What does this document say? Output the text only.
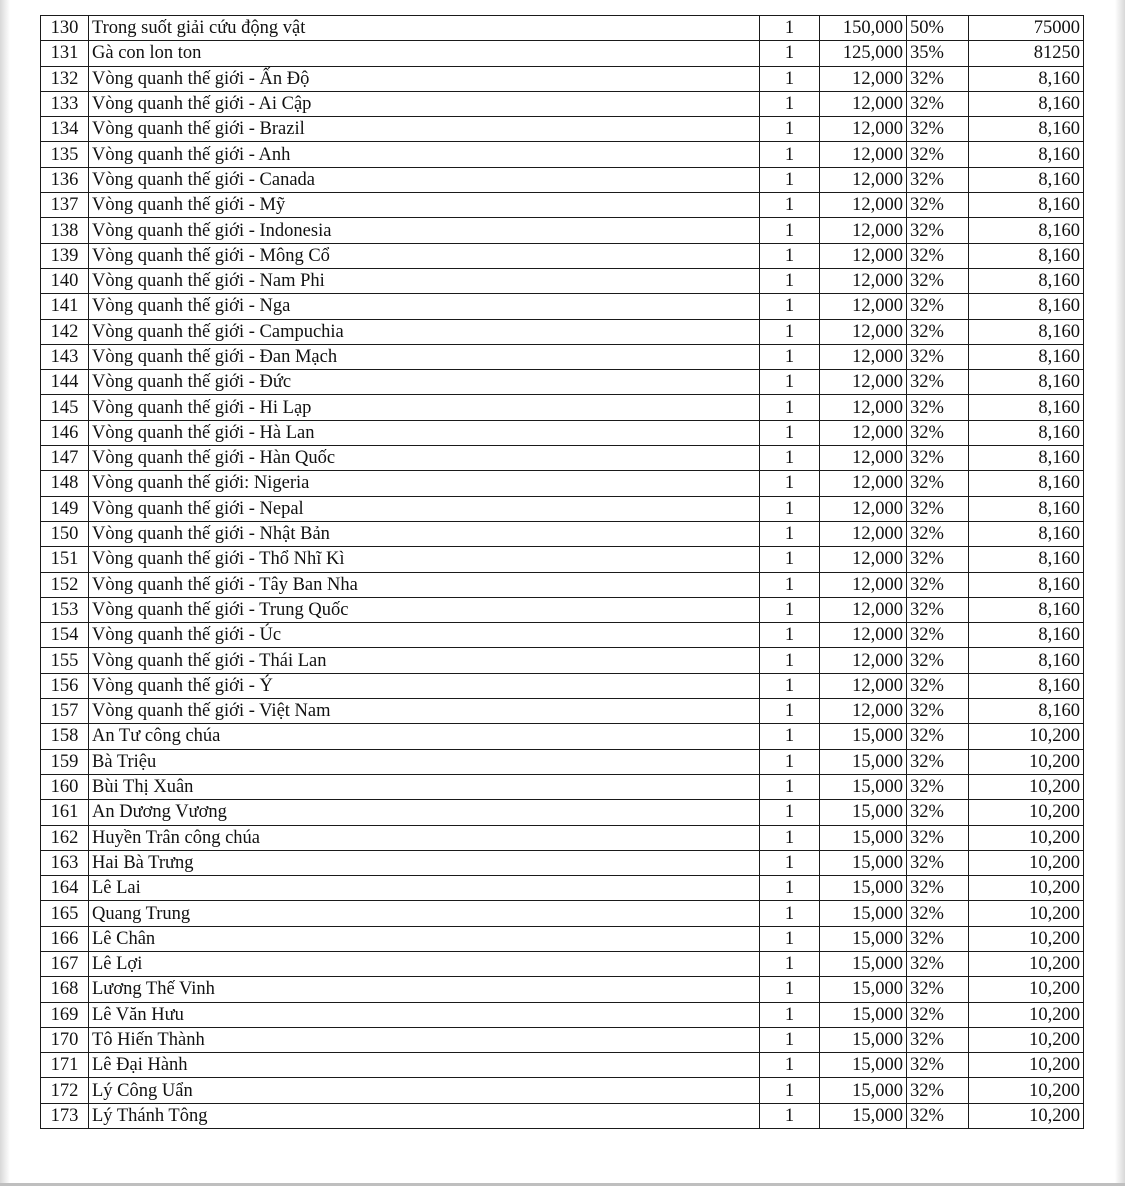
130	Trong suốt giải cứu động vật	1	150,000	50%	75000
131	Gà con lon ton	1	125,000	35%	81250
132	Vòng quanh thế giới - Ấn Độ	1	12,000	32%	8,160
133	Vòng quanh thế giới - Ai Cập	1	12,000	32%	8,160
134	Vòng quanh thế giới - Brazil	1	12,000	32%	8,160
135	Vòng quanh thế giới - Anh	1	12,000	32%	8,160
136	Vòng quanh thế giới - Canada	1	12,000	32%	8,160
137	Vòng quanh thế giới - Mỹ	1	12,000	32%	8,160
138	Vòng quanh thế giới - Indonesia	1	12,000	32%	8,160
139	Vòng quanh thế giới - Mông Cổ	1	12,000	32%	8,160
140	Vòng quanh thế giới - Nam Phi	1	12,000	32%	8,160
141	Vòng quanh thế giới - Nga	1	12,000	32%	8,160
142	Vòng quanh thế giới - Campuchia	1	12,000	32%	8,160
143	Vòng quanh thế giới - Đan Mạch	1	12,000	32%	8,160
144	Vòng quanh thế giới - Đức	1	12,000	32%	8,160
145	Vòng quanh thế giới - Hi Lạp	1	12,000	32%	8,160
146	Vòng quanh thế giới - Hà Lan	1	12,000	32%	8,160
147	Vòng quanh thế giới - Hàn Quốc	1	12,000	32%	8,160
148	Vòng quanh thế giới: Nigeria	1	12,000	32%	8,160
149	Vòng quanh thế giới - Nepal	1	12,000	32%	8,160
150	Vòng quanh thế giới - Nhật Bản	1	12,000	32%	8,160
151	Vòng quanh thế giới - Thổ Nhĩ Kì	1	12,000	32%	8,160
152	Vòng quanh thế giới - Tây Ban Nha	1	12,000	32%	8,160
153	Vòng quanh thế giới - Trung Quốc	1	12,000	32%	8,160
154	Vòng quanh thế giới - Úc	1	12,000	32%	8,160
155	Vòng quanh thế giới - Thái Lan	1	12,000	32%	8,160
156	Vòng quanh thế giới - Ý	1	12,000	32%	8,160
157	Vòng quanh thế giới - Việt Nam	1	12,000	32%	8,160
158	An Tư công chúa	1	15,000	32%	10,200
159	Bà Triệu	1	15,000	32%	10,200
160	Bùi Thị Xuân	1	15,000	32%	10,200
161	An Dương Vương	1	15,000	32%	10,200
162	Huyền Trân công chúa	1	15,000	32%	10,200
163	Hai Bà Trưng	1	15,000	32%	10,200
164	Lê Lai	1	15,000	32%	10,200
165	Quang Trung	1	15,000	32%	10,200
166	Lê Chân	1	15,000	32%	10,200
167	Lê Lợi	1	15,000	32%	10,200
168	Lương Thế Vinh	1	15,000	32%	10,200
169	Lê Văn Hưu	1	15,000	32%	10,200
170	Tô Hiến Thành	1	15,000	32%	10,200
171	Lê Đại Hành	1	15,000	32%	10,200
172	Lý Công Uẩn	1	15,000	32%	10,200
173	Lý Thánh Tông	1	15,000	32%	10,200
